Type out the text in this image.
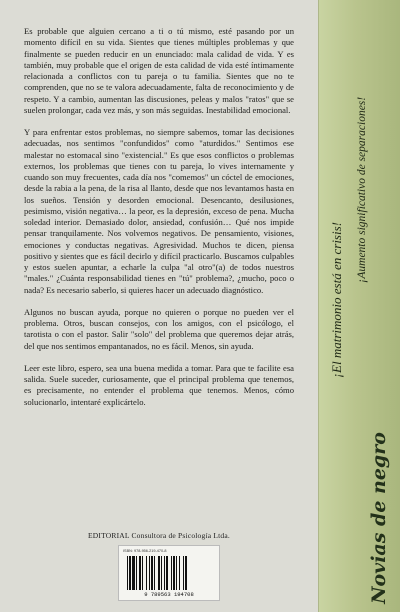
Es probable que alguien cercano a ti o tú mismo, esté pasando por un momento difícil en su vida. Sientes que tienes múltiples problemas y que finalmente se pueden reducir en un enunciado: mala calidad de vida. Y es también, muy probable que el origen de esta calidad de vida esté íntimamente relacionada a conflictos con tu pareja o tu familia. Sientes que no te comprenden, que no se te valora adecuadamente, falta de reconocimiento y de respeto. Y a cambio, aumentan las discusiones, peleas y malos "ratos" que se suelen prolongar, cada vez más, y son más seguidas. Inestabilidad emocional.

Y para enfrentar estos problemas, no siempre sabemos, tomar las decisiones adecuadas, nos sentimos "confundidos" como "aturdidos." Sentimos ese malestar no estomacal sino "existencial." Es que esos conflictos o problemas externos, los problemas que tienes con tu pareja, lo vives internamente y cuando son muy frecuentes, cada día nos "comemos" un cóctel de emociones, desde la rabia a la pena, de la risa al llanto, desde que nos levantamos hasta en los sueños. Tensión y desorden emocional. Desencanto, desilusiones, pesimismo, visión negativa… la peor, es la depresión, exceso de pena. Mucha soledad interior. Demasiado dolor, ansiedad, confusión… Qué nos impide pensar tranquilamente. Nos volvemos negativos. De pensamiento, visiones, emociones y conductas negativas. Agresividad. Muchos te dicen, piensa positivo y sientes que es fácil decirlo y difícil practicarlo. Buscamos culpables y estos suelen apuntar, a echarle la culpa "al otro"(a) de todos nuestros "males." ¿Cuánta responsabilidad tienes en "tú" problema?, ¿mucho, poco o nada? Es necesario saberlo, si quieres hacer un adecuado diagnóstico.

Algunos no buscan ayuda, porque no quieren o porque no pueden ver el problema. Otros, buscan consejos, con los amigos, con el psicólogo, el tarotista o con el pastor. Salir "solo" del problema que queremos dejar atrás, del que nos sentimos empantanados, no es fácil. Menos, sin ayuda.

Leer este libro, espero, sea una buena medida a tomar. Para que te facilite esa salida. Suele suceder, curiosamente, que el principal problema que tenemos, es precisamente, no entender el problema que tenemos. Menos, cómo solucionarlo, intentaré explicártelo.

EDITORIAL Consultora de Psicología Ltda.
ISBN: 978-956-219-470-8
9 789563 194708
¡El matrimonio está en crisis!
¡Aumento significativo de separaciones!
Novias de negro
